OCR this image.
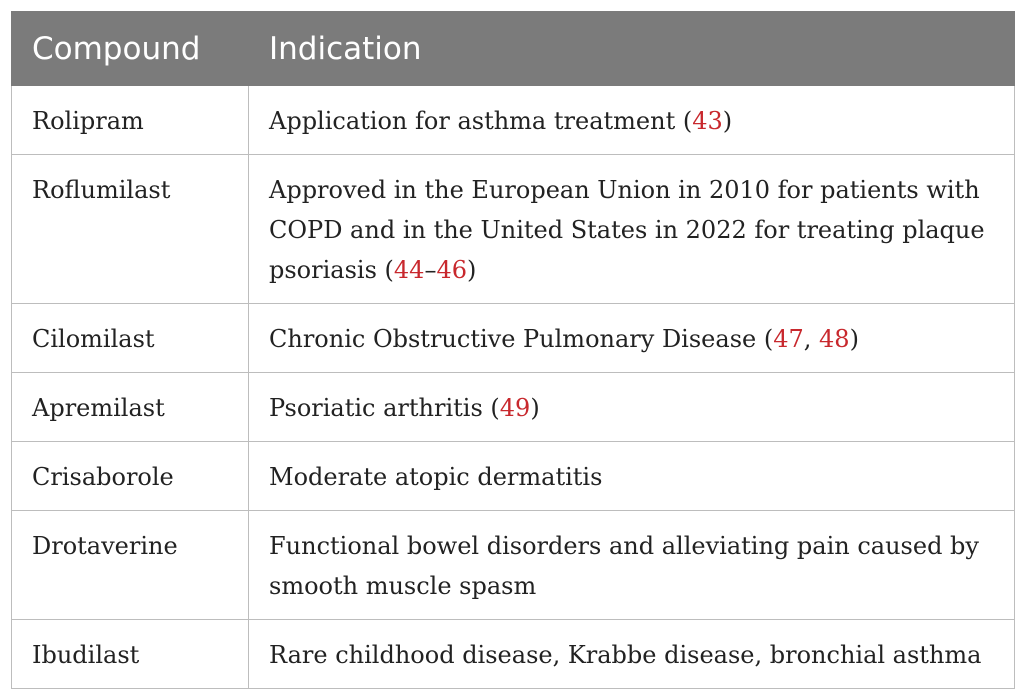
Compound	Indication
Rolipram	Application for asthma treatment (43)
Roflumilast	Approved in the European Union in 2010 for patients with COPD and in the United States in 2022 for treating plaque psoriasis (44–46)
Cilomilast	Chronic Obstructive Pulmonary Disease (47, 48)
Apremilast	Psoriatic arthritis (49)
Crisaborole	Moderate atopic dermatitis
Drotaverine	Functional bowel disorders and alleviating pain caused by smooth muscle spasm
Ibudilast	Rare childhood disease, Krabbe disease, bronchial asthma
